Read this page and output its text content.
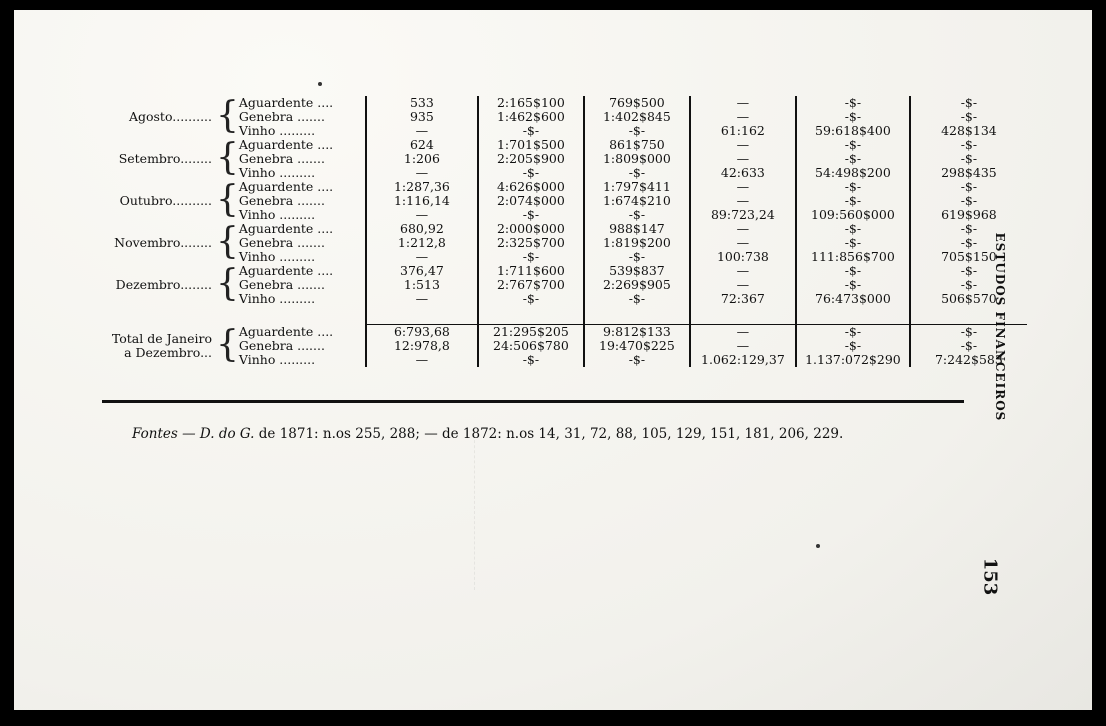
Agosto..........	{	Aguardente ....	533	2:165$100	769$500	—	-$-	-$-
		Genebra .......	935	1:462$600	1:402$845	—	-$-	-$-
		Vinho .........	—	-$-	-$-	61:162	59:618$400	428$134
Setembro........	{	Aguardente ....	624	1:701$500	861$750	—	-$-	-$-
		Genebra .......	1:206	2:205$900	1:809$000	—	-$-	-$-
		Vinho .........	—	-$-	-$-	42:633	54:498$200	298$435
Outubro..........	{	Aguardente ....	1:287,36	4:626$000	1:797$411	—	-$-	-$-
		Genebra .......	1:116,14	2:074$000	1:674$210	—	-$-	-$-
		Vinho .........	—	-$-	-$-	89:723,24	109:560$000	619$968
Novembro........	{	Aguardente ....	680,92	2:000$000	988$147	—	-$-	-$-
		Genebra .......	1:212,8	2:325$700	1:819$200	—	-$-	-$-
		Vinho .........	—	-$-	-$-	100:738	111:856$700	705$150
Dezembro........	{	Aguardente ....	376,47	1:711$600	539$837	—	-$-	-$-
		Genebra .......	1:513	2:767$700	2:269$905	—	-$-	-$-
		Vinho .........	—	-$-	-$-	72:367	76:473$000	506$570

Total de Janeiro
a Dezembro...	{	Aguardente ....	6:793,68	21:295$205	9:812$133	—	-$-	-$-
		Genebra .......	12:978,8	24:506$780	19:470$225	—	-$-	-$-
		Vinho .........	—	-$-	-$-	1.062:129,37	1.137:072$290	7:242$583
Fontes — D. do G. de 1871: n.os 255, 288; — de 1872: n.os 14, 31, 72, 88, 105, 129, 151, 181, 206, 229.
ESTUDOS FINANCEIROS
153
